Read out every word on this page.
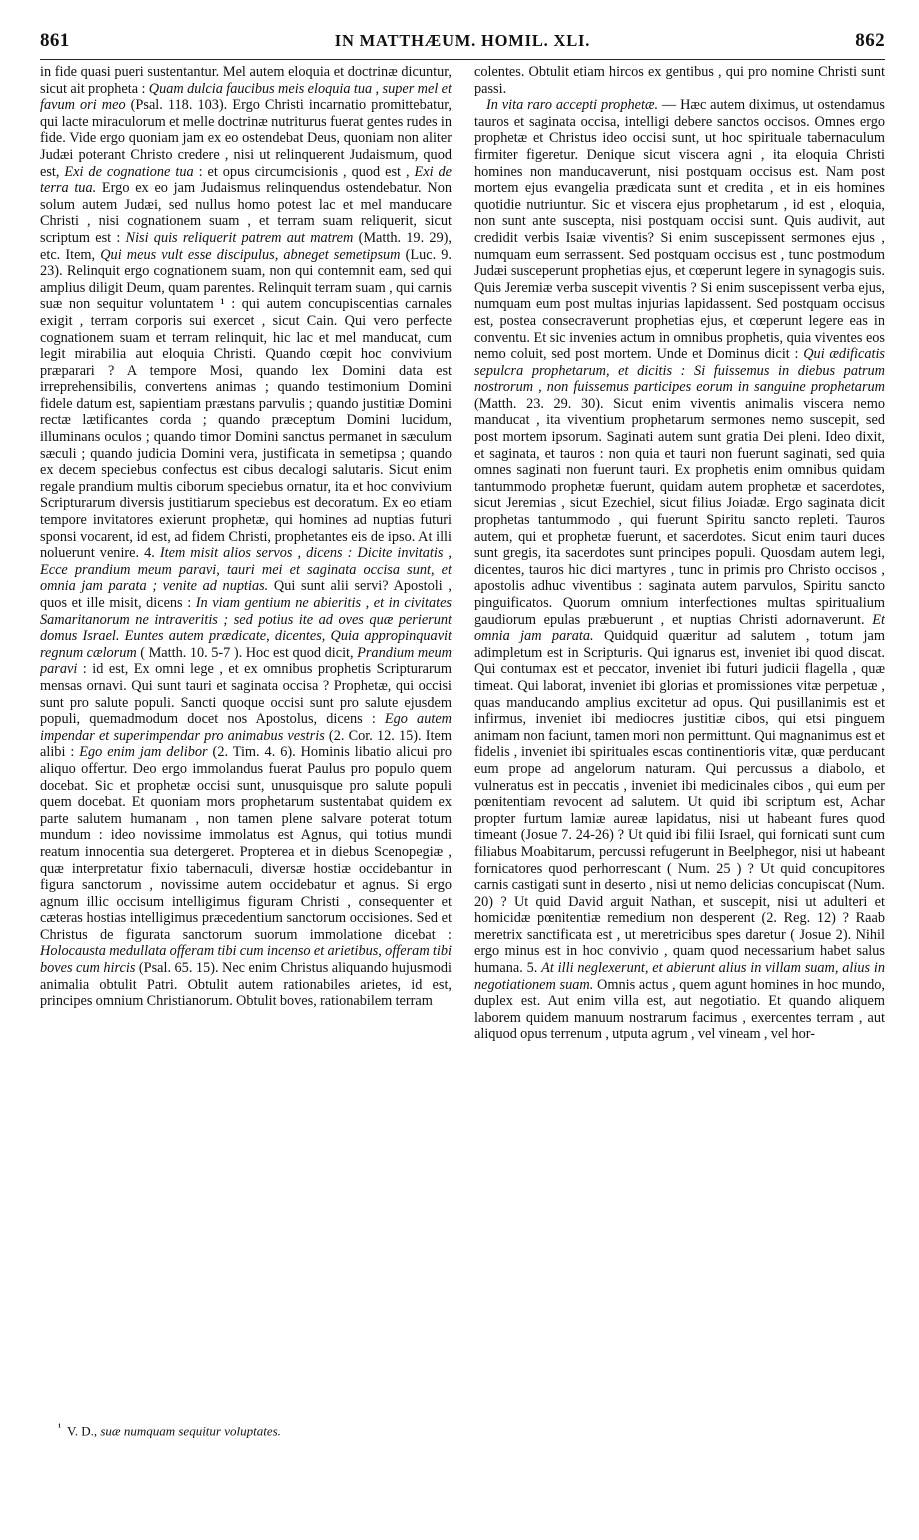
861	IN MATTHÆUM. HOMIL. XLI.	862

in fide quasi pueri sustentantur. Mel autem eloquia et doctrinæ dicuntur, sicut ait propheta : Quam dulcia faucibus meis eloquia tua , super mel et favum ori meo (Psal. 118. 103). Ergo Christi incarnatio promittebatur, qui lacte miraculorum et melle doctrinæ nutriturus fuerat gentes rudes in fide. Vide ergo quoniam jam ex eo ostendebat Deus, quoniam non aliter Judæi poterant Christo credere , nisi ut relinquerent Judaismum, quod est, Exi de cognatione tua : et opus circumcisionis , quod est , Exi de terra tua. Ergo ex eo jam Judaismus relinquendus ostendebatur. Non solum autem Judæi, sed nullus homo potest lac et mel manducare Christi , nisi cognationem suam , et terram suam reliquerit, sicut scriptum est : Nisi quis reliquerit patrem aut matrem (Matth. 19. 29), etc. Item, Qui meus vult esse discipulus, abneget semetipsum (Luc. 9. 23). Relinquit ergo cognationem suam, non qui contemnit eam, sed qui amplius diligit Deum, quam parentes. Relinquit terram suam , qui carnis suæ non sequitur voluntatem ¹ : qui autem concupiscentias carnales exigit , terram corporis sui exercet , sicut Cain. Qui vero perfecte cognationem suam et terram relinquit, hic lac et mel manducat, cum legit mirabilia aut eloquia Christi. Quando cœpit hoc convivium præparari ? A tempore Mosi, quando lex Domini data est irreprehensibilis, convertens animas ; quando testimonium Domini fidele datum est, sapientiam præstans parvulis ; quando justitiæ Domini rectæ lætificantes corda ; quando præceptum Domini lucidum, illuminans oculos ; quando timor Domini sanctus permanet in sæculum sæculi ; quando judicia Domini vera, justificata in semetipsa ; quando ex decem speciebus confectus est cibus decalogi salutaris. Sicut enim regale prandium multis ciborum speciebus ornatur, ita et hoc convivium Scripturarum diversis justitiarum speciebus est decoratum. Ex eo etiam tempore invitatores exierunt prophetæ, qui homines ad nuptias futuri sponsi vocarent, id est, ad fidem Christi, prophetantes eis de ipso. At illi noluerunt venire. 4. Item misit alios servos , dicens : Dicite invitatis , Ecce prandium meum paravi, tauri mei et saginata occisa sunt, et omnia jam parata ; venite ad nuptias. Qui sunt alii servi? Apostoli , quos et ille misit, dicens : In viam gentium ne abieritis , et in civitates Samaritanorum ne intraveritis ; sed potius ite ad oves quæ perierunt domus Israel. Euntes autem prædicate, dicentes, Quia appropinquavit regnum cælorum ( Matth. 10. 5-7 ). Hoc est quod dicit, Prandium meum paravi : id est, Ex omni lege , et ex omnibus prophetis Scripturarum mensas ornavi. Qui sunt tauri et saginata occisa ? Prophetæ, qui occisi sunt pro salute populi. Sancti quoque occisi sunt pro salute ejusdem populi, quemadmodum docet nos Apostolus, dicens : Ego autem impendar et superimpendar pro animabus vestris (2. Cor. 12. 15). Item alibi : Ego enim jam delibor (2. Tim. 4. 6). Hominis libatio alicui pro aliquo offertur. Deo ergo immolandus fuerat Paulus pro populo quem docebat. Sic et prophetæ occisi sunt, unusquisque pro salute populi quem docebat. Et quoniam mors prophetarum sustentabat quidem ex parte salutem humanam , non tamen plene salvare poterat totum mundum : ideo novissime immolatus est Agnus, qui totius mundi reatum innocentia sua detergeret. Propterea et in diebus Scenopegiæ , quæ interpretatur fixio tabernaculi, diversæ hostiæ occidebantur in figura sanctorum , novissime autem occidebatur et agnus. Si ergo agnum illic occisum intelligimus figuram Christi , consequenter et cæteras hostias intelligimus præcedentium sanctorum occisiones. Sed et Christus de figurata sanctorum suorum immolatione dicebat : Holocausta medullata offeram tibi cum incenso et arietibus, offeram tibi boves cum hircis (Psal. 65. 15). Nec enim Christus aliquando hujusmodi animalia obtulit Patri. Obtulit autem rationabiles arietes, id est, principes omnium Christianorum. Obtulit boves, rationabilem terram

colentes. Obtulit etiam hircos ex gentibus , qui pro nomine Christi sunt passi.

In vita raro accepti prophetæ. — Hæc autem diximus, ut ostendamus tauros et saginata occisa, intelligi debere sanctos occisos. Omnes ergo prophetæ et Christus ideo occisi sunt, ut hoc spirituale tabernaculum firmiter figeretur. Denique sicut viscera agni , ita eloquia Christi homines non manducaverunt, nisi postquam occisus est. Nam post mortem ejus evangelia prædicata sunt et credita , et in eis homines quotidie nutriuntur. Sic et viscera ejus prophetarum , id est , eloquia, non sunt ante suscepta, nisi postquam occisi sunt. Quis audivit, aut credidit verbis Isaiæ viventis? Si enim suscepissent sermones ejus , numquam eum serrassent. Sed postquam occisus est , tunc postmodum Judæi susceperunt prophetias ejus, et cœperunt legere in synagogis suis. Quis Jeremiæ verba suscepit viventis ? Si enim suscepissent verba ejus, numquam eum post multas injurias lapidassent. Sed postquam occisus est, postea consecraverunt prophetias ejus, et cœperunt legere eas in conventu. Et sic invenies actum in omnibus prophetis, quia viventes eos nemo coluit, sed post mortem. Unde et Dominus dicit : Qui ædificatis sepulcra prophetarum, et dicitis : Si fuissemus in diebus patrum nostrorum , non fuissemus participes eorum in sanguine prophetarum (Matth. 23. 29. 30). Sicut enim viventis animalis viscera nemo manducat , ita viventium prophetarum sermones nemo suscepit, sed post mortem ipsorum. Saginati autem sunt gratia Dei pleni. Ideo dixit, et saginata, et tauros : non quia et tauri non fuerunt saginati, sed quia omnes saginati non fuerunt tauri. Ex prophetis enim omnibus quidam tantummodo prophetæ fuerunt, quidam autem prophetæ et sacerdotes, sicut Jeremias , sicut Ezechiel, sicut filius Joiadæ. Ergo saginata dicit prophetas tantummodo , qui fuerunt Spiritu sancto repleti. Tauros autem, qui et prophetæ fuerunt, et sacerdotes. Sicut enim tauri duces sunt gregis, ita sacerdotes sunt principes populi. Quosdam autem legi, dicentes, tauros hic dici martyres , tunc in primis pro Christo occisos , apostolis adhuc viventibus : saginata autem parvulos, Spiritu sancto pinguificatos. Quorum omnium interfectiones multas spiritualium gaudiorum epulas præbuerunt , et nuptias Christi adornaverunt. Et omnia jam parata. Quidquid quæritur ad salutem , totum jam adimpletum est in Scripturis. Qui ignarus est, inveniet ibi quod discat. Qui contumax est et peccator, inveniet ibi futuri judicii flagella , quæ timeat. Qui laborat, inveniet ibi glorias et promissiones vitæ perpetuæ , quas manducando amplius excitetur ad opus. Qui pusillanimis est et infirmus, inveniet ibi mediocres justitiæ cibos, qui etsi pinguem animam non faciunt, tamen mori non permittunt. Qui magnanimus est et fidelis , inveniet ibi spirituales escas continentioris vitæ, quæ perducant eum prope ad angelorum naturam. Qui percussus a diabolo, et vulneratus est in peccatis , inveniet ibi medicinales cibos , qui eum per pœnitentiam revocent ad salutem. Ut quid ibi scriptum est, Achar propter furtum lamiæ aureæ lapidatus, nisi ut habeant fures quod timeant (Josue 7. 24-26) ? Ut quid ibi filii Israel, qui fornicati sunt cum filiabus Moabitarum, percussi refugerunt in Beelphegor, nisi ut habeant fornicatores quod perhorrescant ( Num. 25 ) ? Ut quid concupitores carnis castigati sunt in deserto , nisi ut nemo delicias concupiscat (Num. 20) ? Ut quid David arguit Nathan, et suscepit, nisi ut adulteri et homicidæ pœnitentiæ remedium non desperent (2. Reg. 12) ? Raab meretrix sanctificata est , ut meretricibus spes daretur ( Josue 2). Nihil ergo minus est in hoc convivio , quam quod necessarium habet salus humana. 5. At illi neglexerunt, et abierunt alius in villam suam, alius in negotiationem suam. Omnis actus , quem agunt homines in hoc mundo, duplex est. Aut enim villa est, aut negotiatio. Et quando aliquem laborem quidem manuum nostrarum facimus , exercentes terram , aut aliquod opus terrenum , utputa agrum , vel vineam , vel hor-

$^{^1}$ V. D., suæ numquam sequitur voluptates.
